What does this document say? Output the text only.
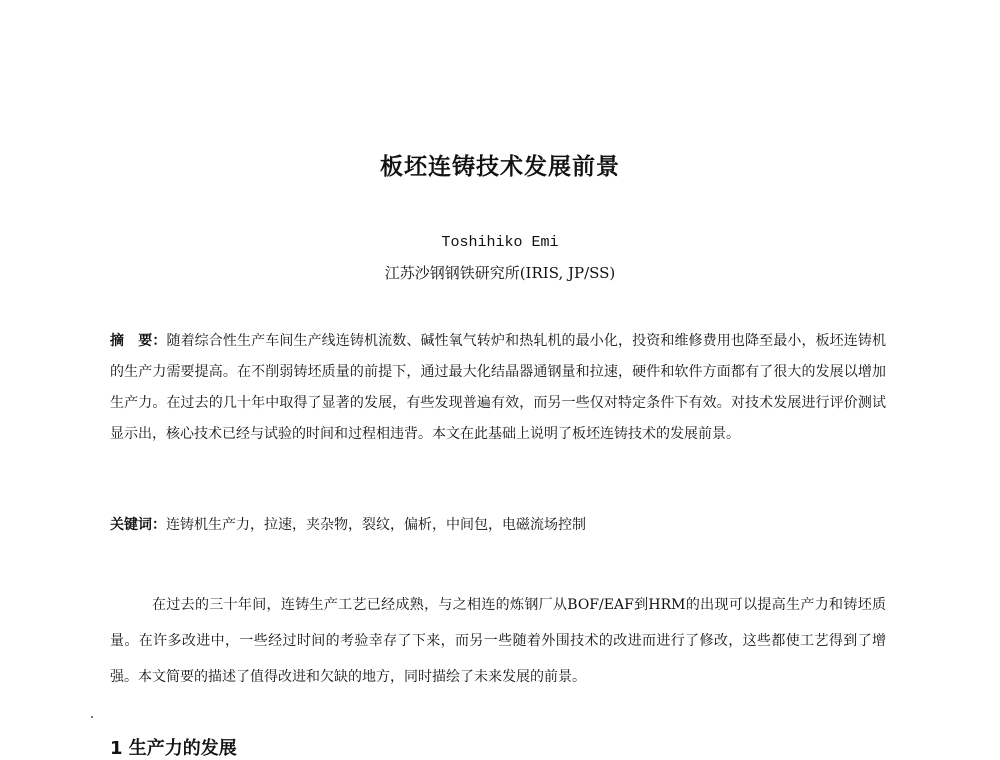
板坯连铸技术发展前景
Toshihiko Emi
江苏沙钢钢铁研究所(IRIS, JP/SS)
摘　要：随着综合性生产车间生产线连铸机流数、碱性氧气转炉和热轧机的最小化，投资和维修费用也降至最小，板坯连铸机的生产力需要提高。在不削弱铸坯质量的前提下，通过最大化结晶器通钢量和拉速，硬件和软件方面都有了很大的发展以增加生产力。在过去的几十年中取得了显著的发展，有些发现普遍有效，而另一些仅对特定条件下有效。对技术发展进行评价测试显示出，核心技术已经与试验的时间和过程相违背。本文在此基础上说明了板坯连铸技术的发展前景。
关键词：连铸机生产力，拉速，夹杂物，裂纹，偏析，中间包，电磁流场控制
在过去的三十年间，连铸生产工艺已经成熟，与之相连的炼钢厂从BOF/EAF到HRM的出现可以提高生产力和铸坯质量。在许多改进中，一些经过时间的考验幸存了下来，而另一些随着外围技术的改进而进行了修改，这些都使工艺得到了增强。本文简要的描述了值得改进和欠缺的地方，同时描绘了未来发展的前景。
1 生产力的发展
